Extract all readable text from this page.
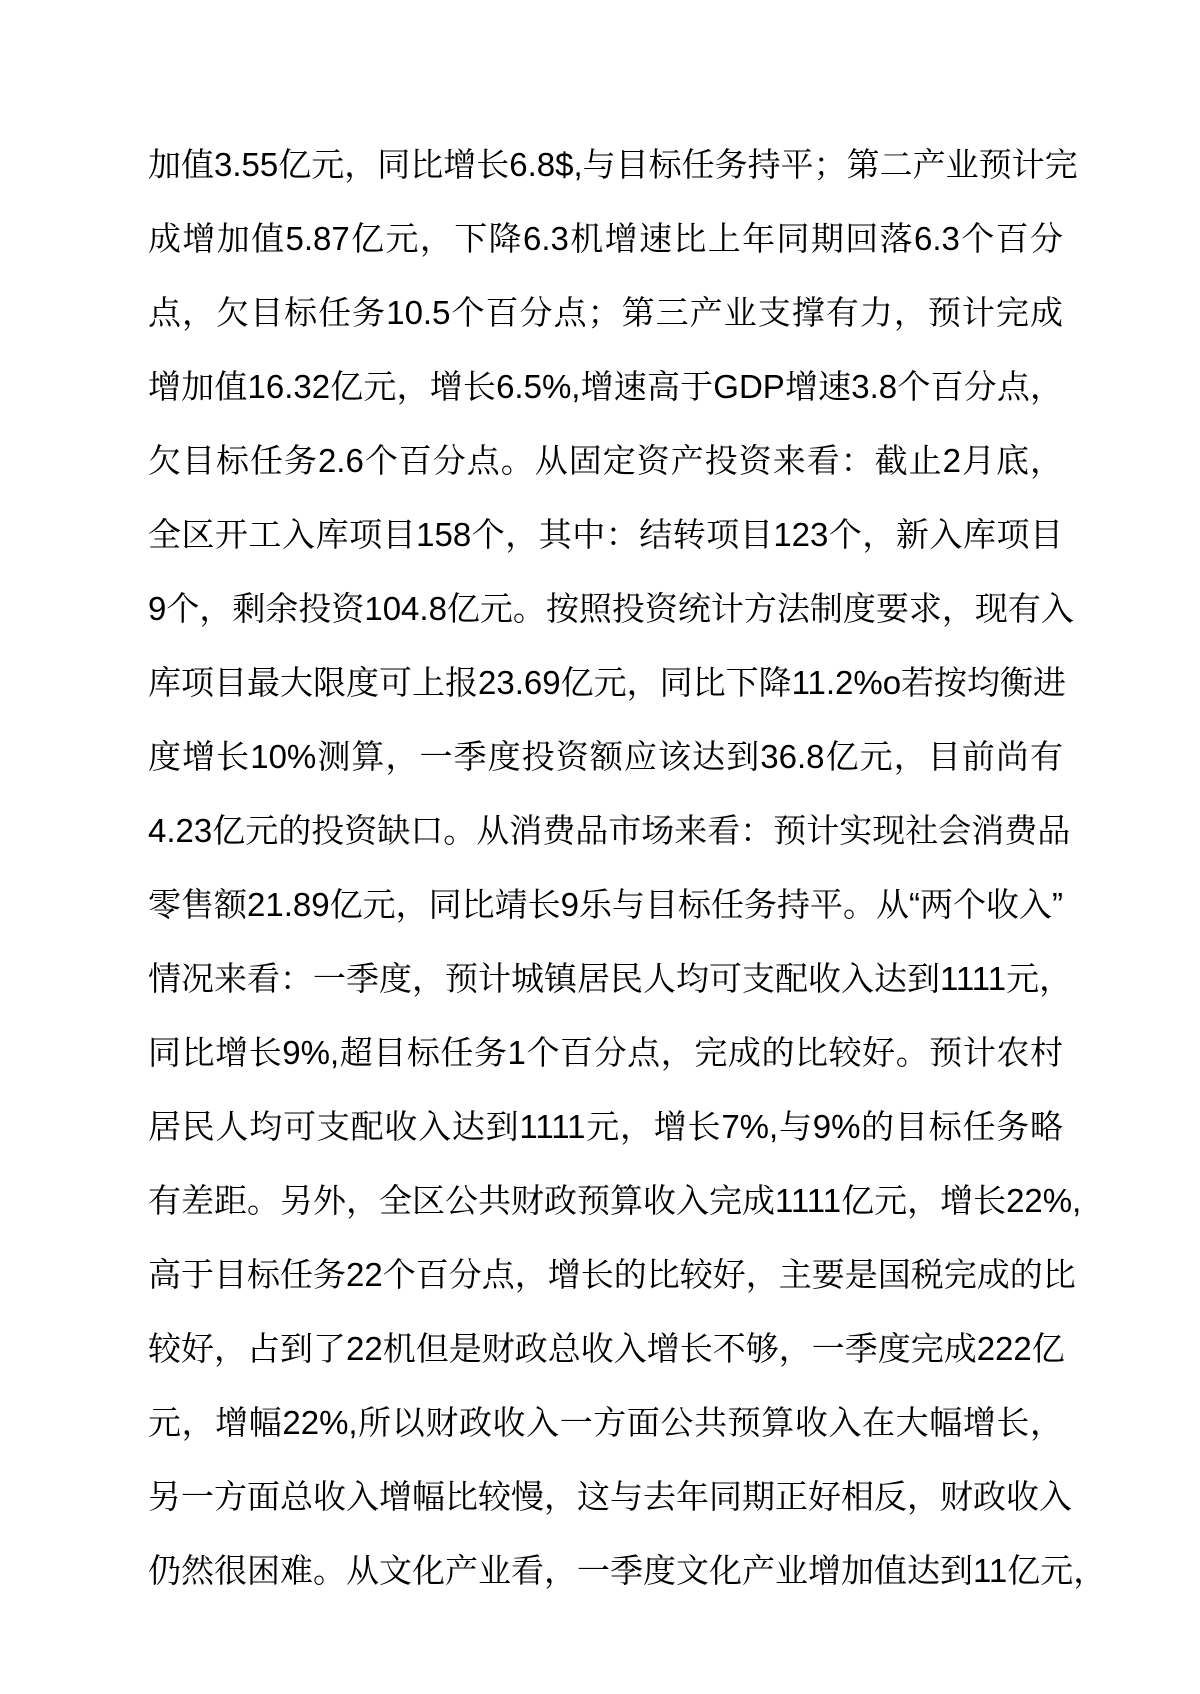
加值3.55亿元，同比增长6.8$,与目标任务持平；第二产业预计完
成增加值5.87亿元，下降6.3机增速比上年同期回落6.3个百分
点，欠目标任务10.5个百分点；第三产业支撑有力，预计完成
增加值16.32亿元，增长6.5%,增速高于GDP增速3.8个百分点，
欠目标任务2.6个百分点。从固定资产投资来看：截止2月底，
全区开工入库项目158个，其中：结转项目123个，新入库项目
9个，剩余投资104.8亿元。按照投资统计方法制度要求，现有入
库项目最大限度可上报23.69亿元，同比下降11.2%o若按均衡进
度增长10%测算，一季度投资额应该达到36.8亿元，目前尚有
4.23亿元的投资缺口。从消费品市场来看：预计实现社会消费品
零售额21.89亿元，同比靖长9乐与目标任务持平。从“两个收入”
情况来看：一季度，预计城镇居民人均可支配收入达到1111元，
同比增长9%,超目标任务1个百分点，完成的比较好。预计农村
居民人均可支配收入达到1111元，增长7%,与9%的目标任务略
有差距。另外，全区公共财政预算收入完成1111亿元，增长22%,
高于目标任务22个百分点，增长的比较好，主要是国税完成的比
较好，占到了22机但是财政总收入增长不够，一季度完成222亿
元，增幅22%,所以财政收入一方面公共预算收入在大幅增长，
另一方面总收入增幅比较慢，这与去年同期正好相反，财政收入
仍然很困难。从文化产业看，一季度文化产业增加值达到11亿元，
